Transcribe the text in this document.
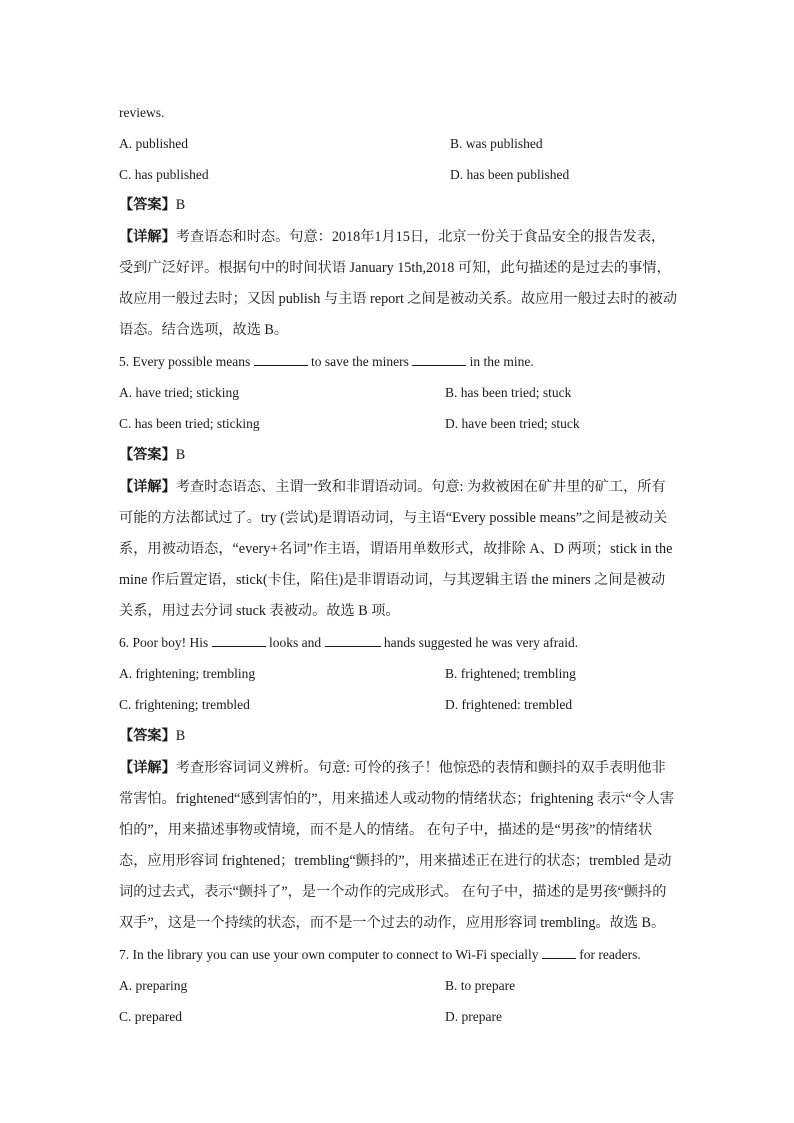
reviews.
A. published	B. was published
C. has published	D. has been published
【答案】B
【详解】考查语态和时态。句意：2018年1月15日，北京一份关于食品安全的报告发表，受到广泛好评。根据句中的时间状语 January 15th,2018 可知，此句描述的是过去的事情，故应用一般过去时；又因 publish 与主语 report 之间是被动关系。故应用一般过去时的被动语态。结合选项，故选 B。
5. Every possible means	to save the miners	in the mine.
A. have tried; sticking	B. has been tried; stuck
C. has been tried; sticking	D. have been tried; stuck
【答案】B
【详解】考查时态语态、主谓一致和非谓语动词。句意: 为救被困在矿井里的矿工，所有可能的方法都试过了。try (尝试)是谓语动词，与主语“Every possible means”之间是被动关系，用被动语态，“every+名词”作主语，谓语用单数形式，故排除 A、D 两项；stick in the mine 作后置定语，stick(卡住，陷住)是非谓语动词，与其逻辑主语 the miners 之间是被动关系，用过去分词 stuck 表被动。故选 B 项。
6. Poor boy! His	looks and	hands suggested he was very afraid.
A. frightening; trembling	B. frightened; trembling
C. frightening; trembled	D. frightened: trembled
【答案】B
【详解】考查形容词词义辨析。句意: 可怜的孩子！他惊恐的表情和颤抖的双手表明他非常害怕。frightened“感到害怕的”，用来描述人或动物的情绪状态；frightening 表示“令人害怕的”，用来描述事物或情境，而不是人的情绪。 在句子中，描述的是“男孩”的情绪状态，应用形容词 frightened；trembling“颤抖的”，用来描述正在进行的状态；trembled 是动词的过去式，表示“颤抖了”，是一个动作的完成形式。 在句子中，描述的是男孩“颤抖的双手”，这是一个持续的状态，而不是一个过去的动作，应用形容词 trembling。故选 B。
7. In the library you can use your own computer to connect to Wi-Fi specially	for readers.
A. preparing	B. to prepare
C. prepared	D. prepare
